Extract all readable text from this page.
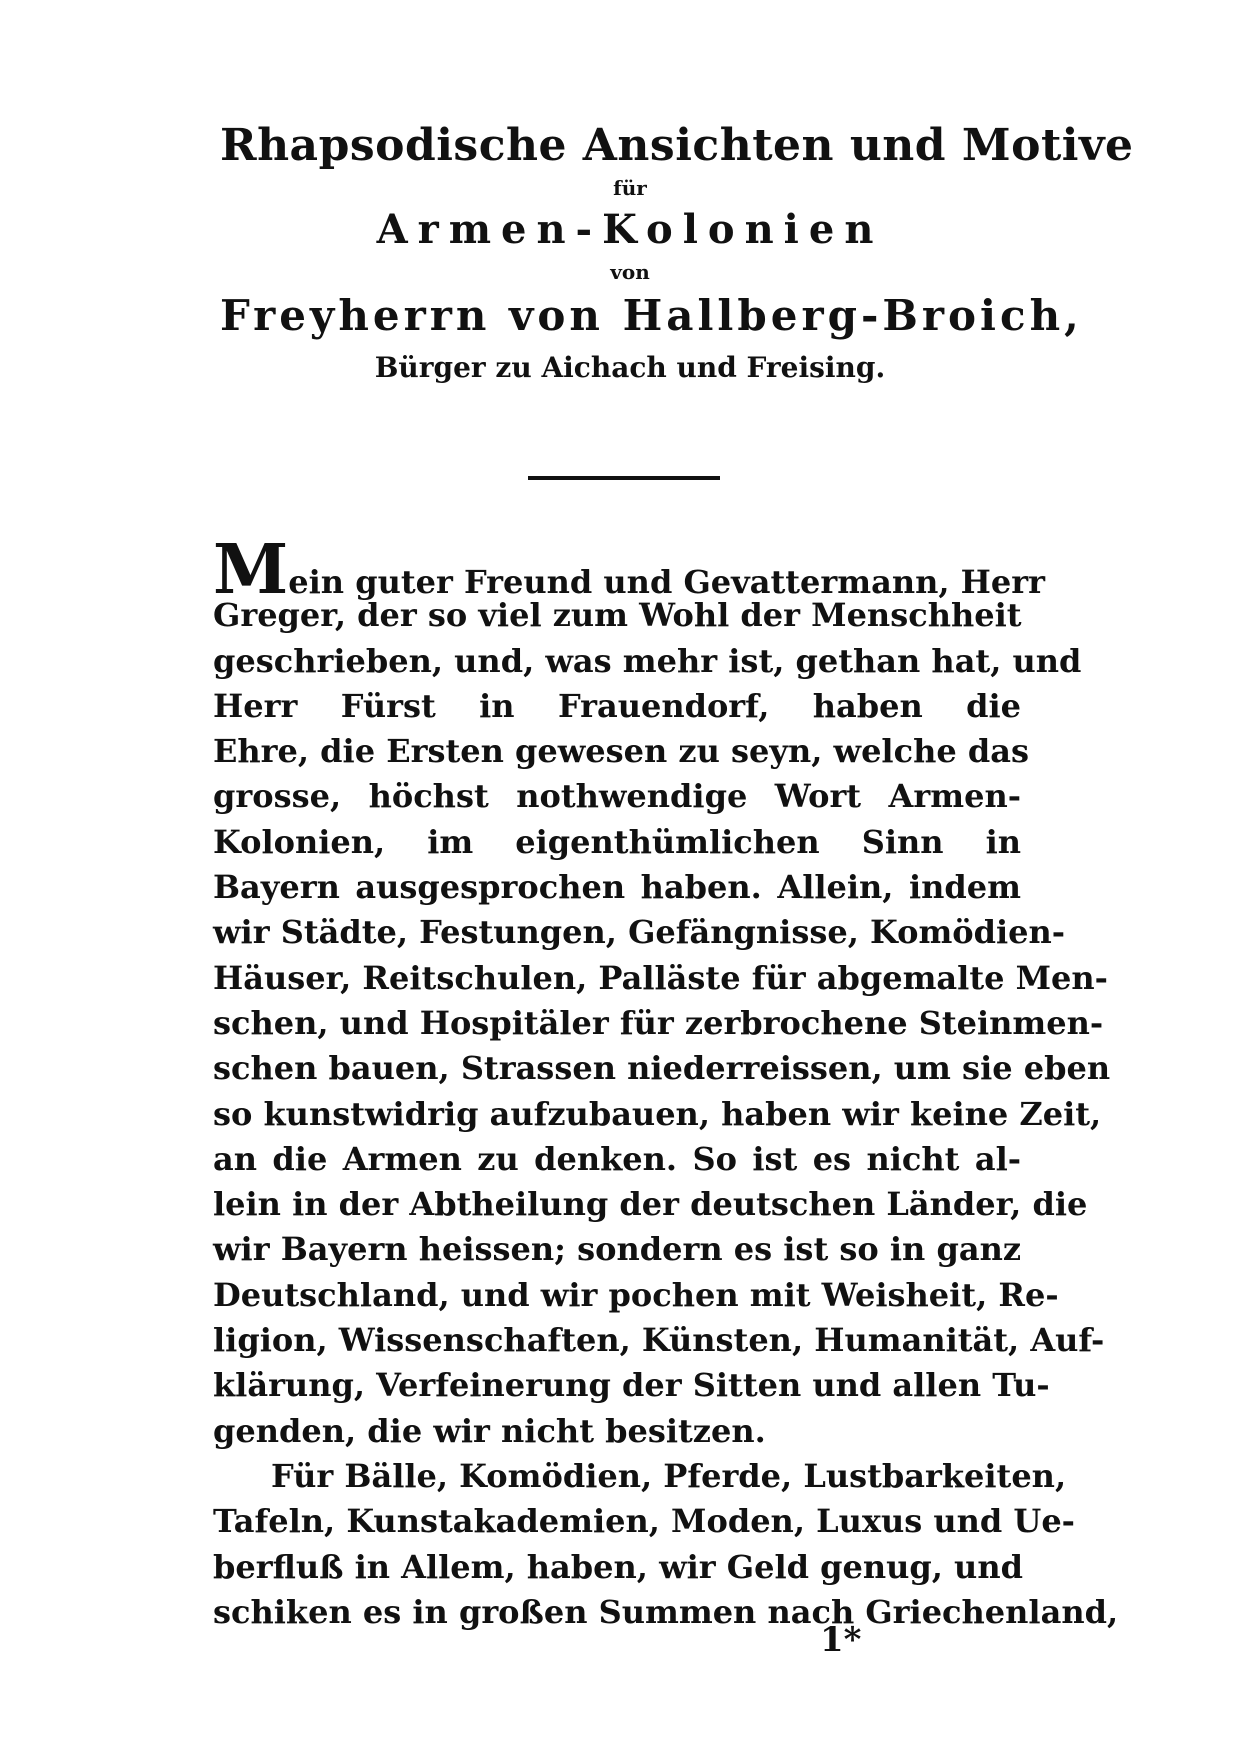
Rhapsodische Ansichten und Motive
für
Armen-Kolonien
von
Freyherrn von Hallberg-Broich,
Bürger zu Aichach und Freising.
Mein guter Freund und Gevattermann, Herr
Greger, der so viel zum Wohl der Menschheit
geschrieben, und, was mehr ist, gethan hat, und
Herr Fürst in Frauendorf, haben die
Ehre, die Ersten gewesen zu seyn, welche das
grosse, höchst nothwendige Wort Armen-
Kolonien, im eigenthümlichen Sinn in
Bayern ausgesprochen haben. Allein, indem
wir Städte, Festungen, Gefängnisse, Komödien-
Häuser, Reitschulen, Palläste für abgemalte Men-
schen, und Hospitäler für zerbrochene Steinmen-
schen bauen, Strassen niederreissen, um sie eben
so kunstwidrig aufzubauen, haben wir keine Zeit,
an die Armen zu denken. So ist es nicht al-
lein in der Abtheilung der deutschen Länder, die
wir Bayern heissen; sondern es ist so in ganz
Deutschland, und wir pochen mit Weisheit, Re-
ligion, Wissenschaften, Künsten, Humanität, Auf-
klärung, Verfeinerung der Sitten und allen Tu-
genden, die wir nicht besitzen.
Für Bälle, Komödien, Pferde, Lustbarkeiten,
Tafeln, Kunstakademien, Moden, Luxus und Ue-
berfluß in Allem, haben, wir Geld genug, und
schiken es in großen Summen nach Griechenland,
1*
